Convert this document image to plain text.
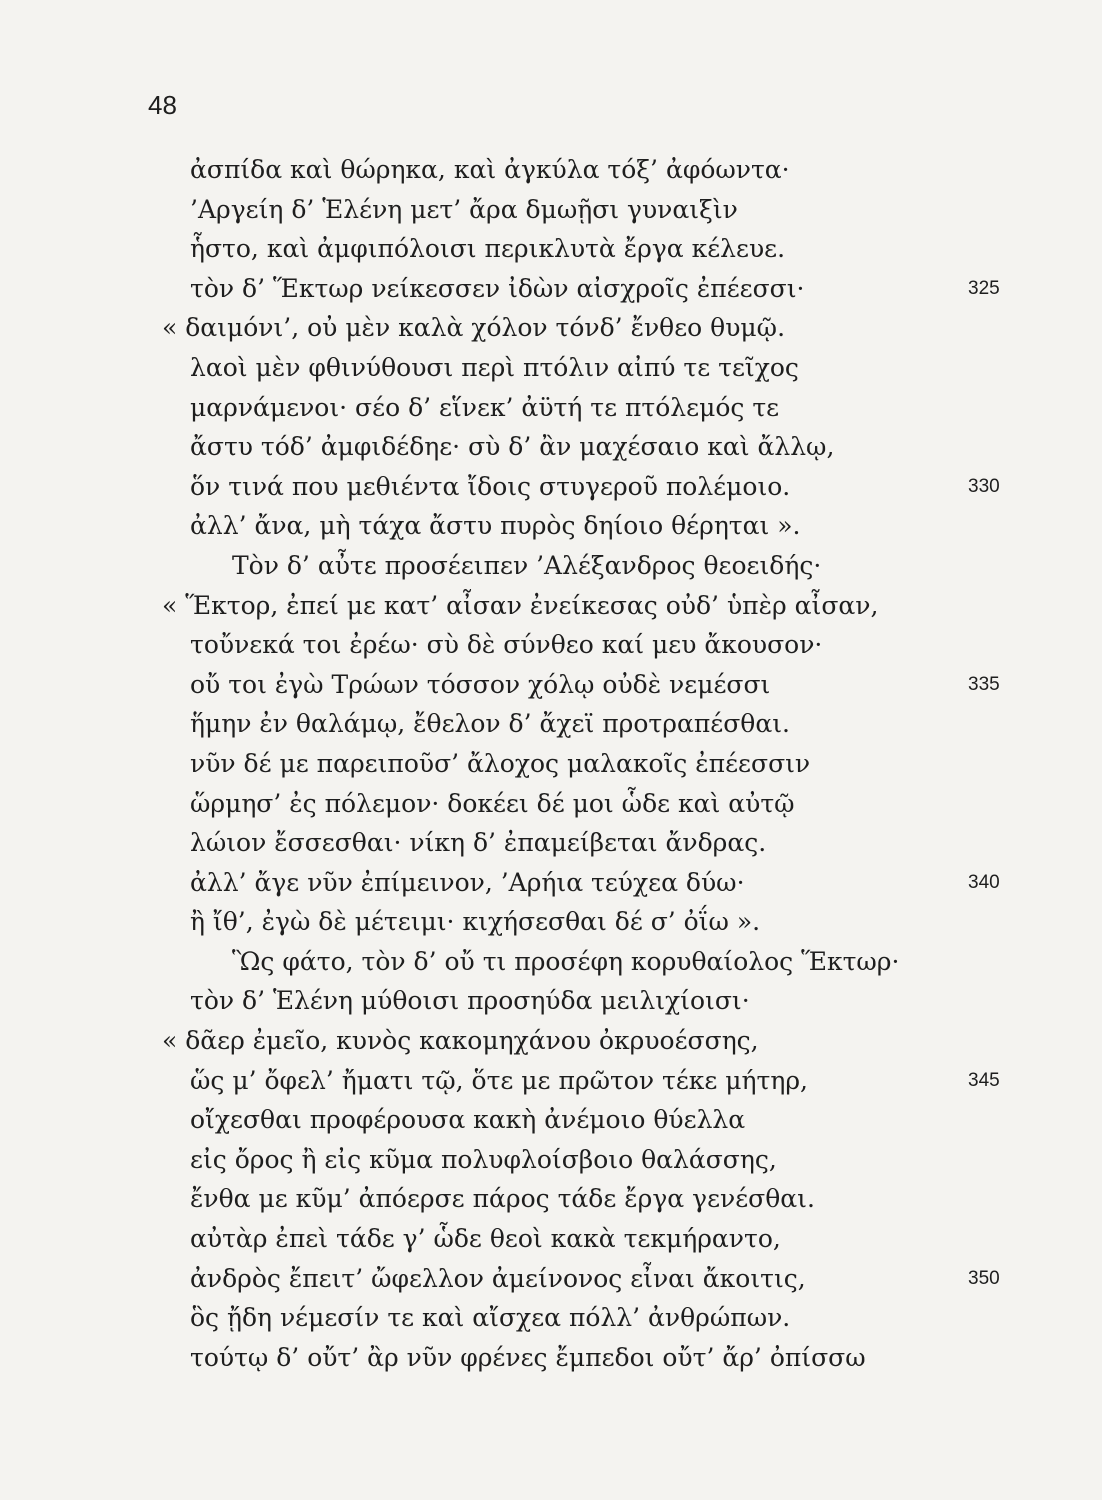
48
ἀσπίδα καὶ θώρηκα, καὶ ἀγκύλα τόξ’ ἀφόωντα·
’Αργείη δ’ Ἑλένη μετ’ ἄρα δμωῇσι γυναιξὶν
ἧστο, καὶ ἀμφιπόλοισι περικλυτὰ ἔργα κέλευε.
τὸν δ’ Ἕκτωρ νείκεσσεν ἰδὼν αἰσχροῖς ἐπέεσσι·	325
« δαιμόνι’, οὐ μὲν καλὰ χόλον τόνδ’ ἔνθεο θυμῷ.
λαοὶ μὲν φθινύθουσι περὶ πτόλιν αἰπύ τε τεῖχος
μαρνάμενοι· σέο δ’ εἵνεκ’ ἀϋτή τε πτόλεμός τε
ἄστυ τόδ’ ἀμφιδέδηε· σὺ δ’ ἂν μαχέσαιο καὶ ἄλλῳ,
ὅν τινά που μεθιέντα ἴδοις στυγεροῦ πολέμοιο.	330
ἀλλ’ ἄνα, μὴ τάχα ἄστυ πυρὸς δηίοιο θέρηται ».
Τὸν δ’ αὖτε προσέειπεν ’Αλέξανδρος θεοειδής·
« Ἕκτορ, ἐπεί με κατ’ αἶσαν ἐνείκεσας οὐδ’ ὑπὲρ αἶσαν,
τοὔνεκά τοι ἐρέω· σὺ δὲ σύνθεο καί μευ ἄκουσον·
οὔ τοι ἐγὼ Τρώων τόσσον χόλῳ οὐδὲ νεμέσσι	335
ἥμην ἐν θαλάμῳ, ἔθελον δ’ ἄχεϊ προτραπέσθαι.
νῦν δέ με παρειποῦσ’ ἄλοχος μαλακοῖς ἐπέεσσιν
ὥρμησ’ ἐς πόλεμον· δοκέει δέ μοι ὧδε καὶ αὐτῷ
λώιον ἔσσεσθαι· νίκη δ’ ἐπαμείβεται ἄνδρας.
ἀλλ’ ἄγε νῦν ἐπίμεινον, ’Αρήια τεύχεα δύω·	340
ἢ ἴθ’, ἐγὼ δὲ μέτειμι· κιχήσεσθαι δέ σ’ ὀΐω ».
Ὣς φάτο, τὸν δ’ οὔ τι προσέφη κορυθαίολος Ἕκτωρ·
τὸν δ’ Ἑλένη μύθοισι προσηύδα μειλιχίοισι·
« δᾶερ ἐμεῖο, κυνὸς κακομηχάνου ὀκρυοέσσης,
ὥς μ’ ὄφελ’ ἤματι τῷ, ὅτε με πρῶτον τέκε μήτηρ,	345
οἴχεσθαι προφέρουσα κακὴ ἀνέμοιο θύελλα
εἰς ὄρος ἢ εἰς κῦμα πολυφλοίσβοιο θαλάσσης,
ἔνθα με κῦμ’ ἀπόερσε πάρος τάδε ἔργα γενέσθαι.
αὐτὰρ ἐπεὶ τάδε γ’ ὧδε θεοὶ κακὰ τεκμήραντο,
ἀνδρὸς ἔπειτ’ ὤφελλον ἀμείνονος εἶναι ἄκοιτις,	350
ὃς ᾔδη νέμεσίν τε καὶ αἴσχεα πόλλ’ ἀνθρώπων.
τούτῳ δ’ οὔτ’ ἂρ νῦν φρένες ἔμπεδοι οὔτ’ ἄρ’ ὀπίσσω
